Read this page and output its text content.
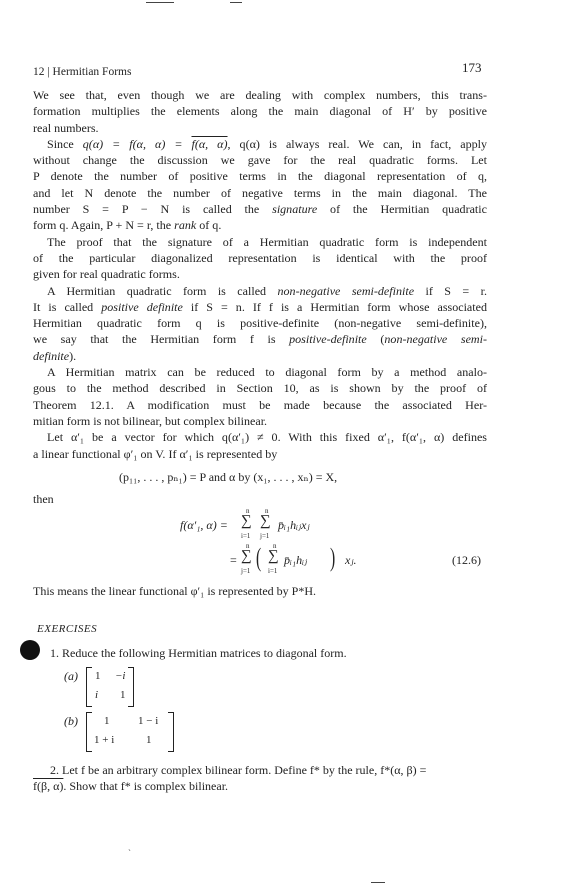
`
12 | Hermitian Forms	173

We see that, even though we are dealing with complex numbers, this trans-
formation multiplies the elements along the main diagonal of H′ by positive
real numbers.

Since q(α) = f(α, α) = f(α, α), q(α) is always real. We can, in fact, apply
without change the discussion we gave for the real quadratic forms. Let
P denote the number of positive terms in the diagonal representation of q,
and let N denote the number of negative terms in the main diagonal. The
number S = P − N is called the signature of the Hermitian quadratic
form q. Again, P + N = r, the rank of q.

The proof that the signature of a Hermitian quadratic form is independent
of the particular diagonalized representation is identical with the proof
given for real quadratic forms.

A Hermitian quadratic form is called non-negative semi-definite if S = r.
It is called positive definite if S = n. If f is a Hermitian form whose associated
Hermitian quadratic form q is positive-definite (non-negative semi-definite),
we say that the Hermitian form f is positive-definite (non-negative semi-
definite).

A Hermitian matrix can be reduced to diagonal form by a method analo-
gous to the method described in Section 10, as is shown by the proof of
Theorem 12.1. A modification must be made because the associated Her-
mitian form is not bilinear, but complex bilinear.

Let α′₁ be a vector for which q(α′₁) ≠ 0. With this fixed α′₁, f(α′₁, α) defines
a linear functional φ′₁ on V. If α′₁ is represented by

(p₁₁, . . . , pₙ₁) = P and α by (x₁, . . . , xₙ) = X,
then
f(α′₁, α) =
n
∑
i=1
n
∑
j=1
p̄ᵢ₁hᵢⱼxⱼ
=
n
∑
j=1 ( n
∑
i=1
p̄ᵢ₁hᵢⱼ ) xⱼ.	(12.6)
This means the linear functional φ′₁ is represented by P*H.
EXERCISES
1. Reduce the following Hermitian matrices to diagonal form.
(a) 1 −i
i 1
(b) 1	1 − i
1 + i	1
2. Let f be an arbitrary complex bilinear form. Define f* by the rule, f*(α, β) =
f(β, α). Show that f* is complex bilinear.
